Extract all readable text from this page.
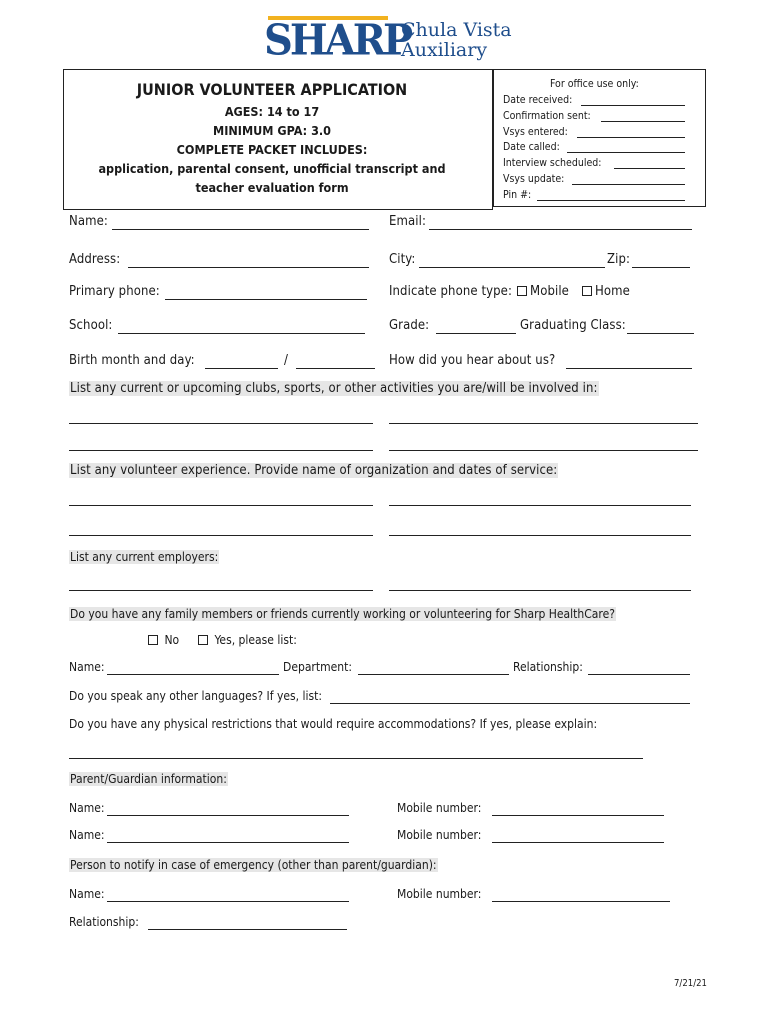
SHARP
Chula Vista
Auxiliary
JUNIOR VOLUNTEER APPLICATION
AGES: 14 to 17
MINIMUM GPA: 3.0
COMPLETE PACKET INCLUDES:
application, parental consent, unofficial transcript and
teacher evaluation form
For office use only:
Date received:
Confirmation sent:
Vsys entered:
Date called:
Interview scheduled:
Vsys update:
Pin #:
Name:	Email:
Address:	City:	Zip:
Primary phone:	Indicate phone type:	Mobile	Home
School:	Grade:	Graduating Class:
Birth month and day:	/	How did you hear about us?
List any current or upcoming clubs, sports, or other activities you are/will be involved in:
List any volunteer experience. Provide name of organization and dates of service:
List any current employers:
Do you have any family members or friends currently working or volunteering for Sharp HealthCare?
No	Yes, please list:
Name:	Department:	Relationship:
Do you speak any other languages? If yes, list:
Do you have any physical restrictions that would require accommodations? If yes, please explain:
Parent/Guardian information:
Name:	Mobile number:
Name:	Mobile number:
Person to notify in case of emergency (other than parent/guardian):
Name:	Mobile number:
Relationship:
7/21/21
